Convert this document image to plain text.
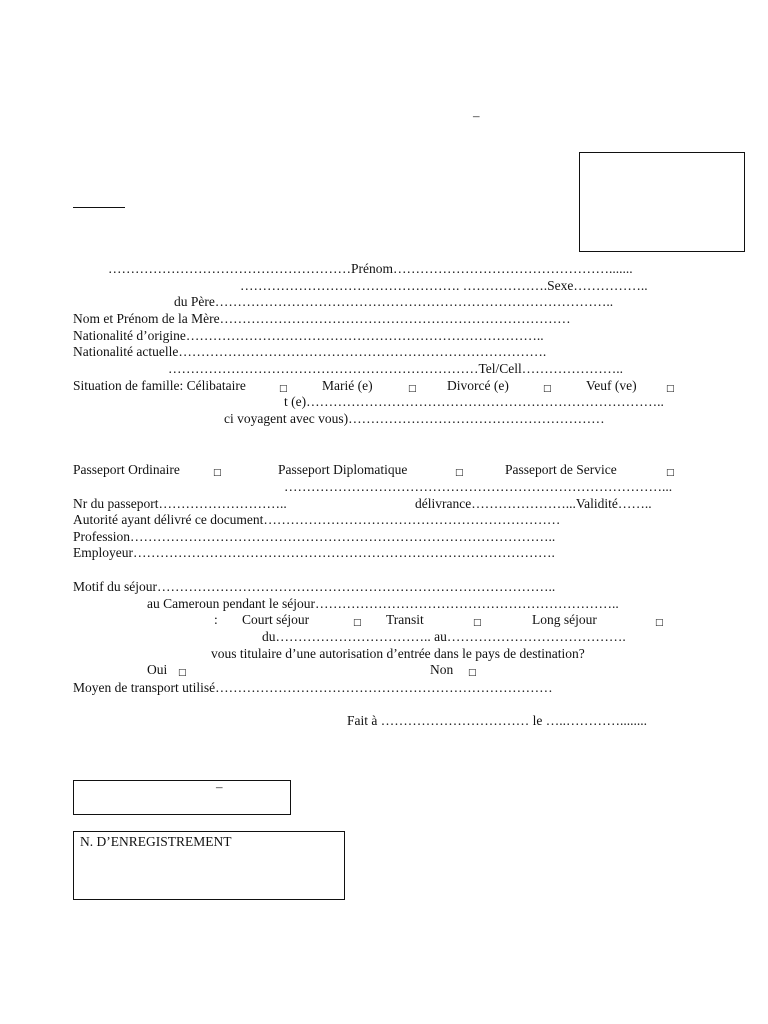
–
………………………………………………Prénom………………………………………….......
…………………………………………. ……………….Sexe……………..
du Père……………………………………………………………………………..
Nom et Prénom de la Mère……………………………………………………………………
Nationalité d’origine……………………………………………………………………..
Nationalité actuelle……………………………………………………………………….
……………………………………………………………Tel/Cell…………………..
Situation de famille: Célibataire	□	Marié (e)	□ Divorcé (e)	□	Veuf (ve)	□
t (e)……………………………………………………………………..
ci voyagent avec vous)…………………………………………………
Passeport Ordinaire	□	Passeport Diplomatique	□	Passeport de Service	□
…………………………………………………………………………...
Nr du passeport………………………..	délivrance…………………...Validité……..
Autorité ayant délivré ce document…………………………………………………………
Profession…………………………………………………………………………………..
Employeur………………………………………………………………………………….
Motif du séjour……………………………………………………………………………..
au Cameroun pendant le séjour…………………………………………………………..
: Court séjour	□ Transit	□	Long séjour	□
du…………………………….. au………………………………….
vous titulaire d’une autorisation d’entrée dans le pays de destination?
Oui □	Non □
Moyen de transport utilisé…………………………………………………………………
Fait à …………………………… le …..…………........
–
N. D’ENREGISTREMENT
